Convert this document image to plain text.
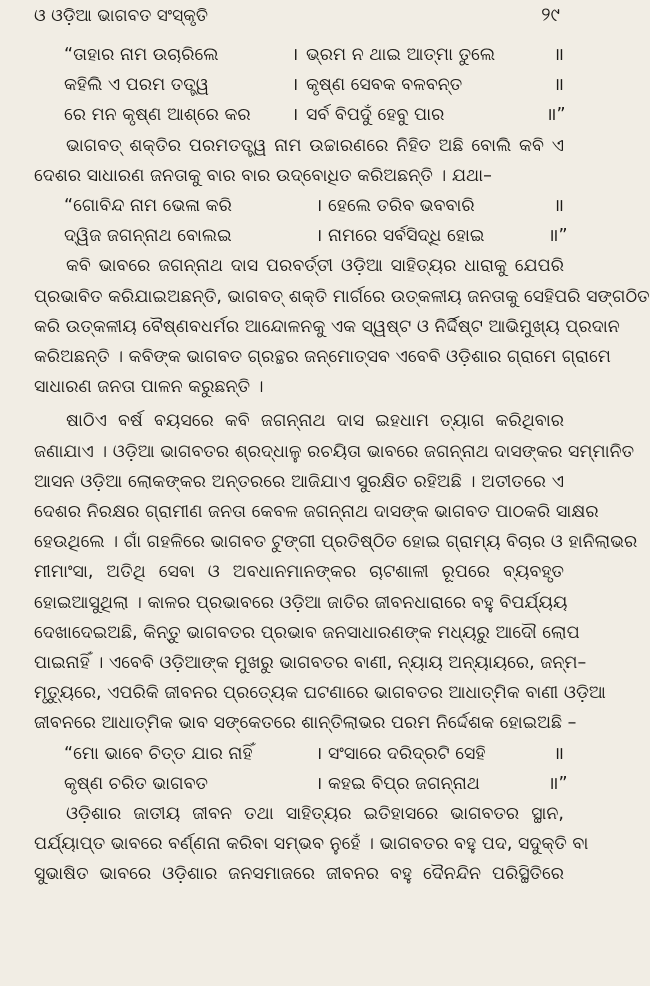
ଓ ଓଡ଼ିଆ ଭାଗବତ ସଂସ୍କୃତି	୨୯
“ତାହାର ନାମ ଉଚାରିଲେ	। ଭ୍ରମ ନ ଥାଇ ଆତ୍ମା ତୁଲେ	॥
କହିଲି ଏ ପରମ ତତ୍ତ୍ୱ	। କୃଷ୍ଣ ସେବକ ବଳବନ୍ତ	॥
ରେ ମନ କୃଷ୍ଣ ଆଶ୍ରେ କର	। ସର୍ବ ବିପଦୁଁ ହେବୁ ପାର	॥”
ଭାଗବତ୍ ଶକ୍ତିର ପରମତତ୍ତ୍ୱ ନାମ ଉଚ୍ଚାରଣରେ ନିହିତ ଅଛି ବୋଲି କବି ଏ
ଦେଶର ସାଧାରଣ ଜନତାକୁ ବାର ବାର ଉଦ୍‌ବୋଧିତ କରିଅଛନ୍ତି । ଯଥା–
“ଗୋବିନ୍ଦ ନାମ ଭେଳା କରି	। ହେଲେ ତରିବ ଭବବାରି	॥
ଦ୍ୱିଜ ଜଗନ୍ନାଥ ବୋଲଇ	। ନାମରେ ସର୍ବସିଦ୍ଧି ହୋଇ	॥”
କବି ଭାବରେ ଜଗନ୍ନାଥ ଦାସ ପରବର୍ତ୍ତୀ ଓଡ଼ିଆ ସାହିତ୍ୟର ଧାରାକୁ ଯେପରି
ପ୍ରଭାବିତ କରିଯାଇଅଛନ୍ତି, ଭାଗବତ୍ ଶକ୍ତି ମାର୍ଗରେ ଉତ୍କଳୀୟ ଜନତାକୁ ସେହିପରି ସଙ୍ଗଠିତ
କରି ଉତ୍କଳୀୟ ବୈଷ୍ଣବଧର୍ମର ଆନ୍ଦୋଳନକୁ ଏକ ସ୍ୱଷ୍ଟ ଓ ନିର୍ଦ୍ଦିଷ୍ଟ ଆଭିମୁଖ୍ୟ ପ୍ରଦାନ
କରିଅଛନ୍ତି । କବିଙ୍କ ଭାଗବତ ଗ୍ରନ୍ଥର ଜନ୍ମୋତ୍ସବ ଏବେବି ଓଡ଼ିଶାର ଗ୍ରାମେ ଗ୍ରାମେ
ସାଧାରଣ ଜନତା ପାଳନ କରୁଛନ୍ତି ।
ଷାଠିଏ ବର୍ଷ ବୟସରେ କବି ଜଗନ୍ନାଥ ଦାସ ଇହଧାମ ତ୍ୟାଗ କରିଥିବାର
ଜଣାଯାଏ । ଓଡ଼ିଆ ଭାଗବତର ଶ୍ରଦ୍ଧାଳୁ ରଚୟିତା ଭାବରେ ଜଗନ୍ନାଥ ଦାସଙ୍କର ସମ୍ମାନିତ
ଆସନ ଓଡ଼ିଆ ଲୋକଙ୍କର ଅନ୍ତରରେ ଆଜିଯାଏ ସୁରକ୍ଷିତ ରହିଅଛି । ଅତୀତରେ ଏ
ଦେଶର ନିରକ୍ଷର ଗ୍ରାମୀଣ ଜନତା କେବଳ ଜଗନ୍ନାଥ ଦାସଙ୍କ ଭାଗବତ ପାଠକରି ସାକ୍ଷର
ହେଉଥିଲେ । ଗାଁ ଗହଳିରେ ଭାଗବତ ଟୁଙ୍ଗୀ ପ୍ରତିଷ୍ଠିତ ହୋଇ ଗ୍ରାମ୍ୟ ବିଚାର ଓ ହାନିଲାଭର
ମୀମାଂସା, ଅତିଥି ସେବା ଓ ଅବଧାନମାନଙ୍କର ଚାଟଶାଳୀ ରୂପରେ ବ୍ୟବହୃତ
ହୋଇଆସୁଥିଲା । କାଳର ପ୍ରଭାବରେ ଓଡ଼ିଆ ଜାତିର ଜୀବନଧାରାରେ ବହୁ ବିପର୍ଯ୍ୟୟ
ଦେଖାଦେଇଅଛି, କିନ୍ତୁ ଭାଗବତର ପ୍ରଭାବ ଜନସାଧାରଣଙ୍କ ମଧ୍ୟରୁ ଆଦୌ ଲୋପ
ପାଇନାହିଁ । ଏବେବି ଓଡ଼ିଆଙ୍କ ମୁଖରୁ ଭାଗବତର ବାଣୀ, ନ୍ୟାୟ ଅନ୍ୟାୟରେ, ଜନ୍ମ–
ମୃତ୍ୟୁରେ, ଏପରିକି ଜୀବନର ପ୍ରତ୍ୟେକ ଘଟଣାରେ ଭାଗବତର ଆଧାତ୍ମିକ ବାଣୀ ଓଡ଼ିଆ
ଜୀବନରେ ଆଧାତ୍ମିକ ଭାବ ସଙ୍କେତରେ ଶାନ୍ତିଲାଭର ପରମ ନିର୍ଦ୍ଦେଶକ ହୋଇଅଛି –
“ମୋ ଭାବେ ଚିତ୍ତ ଯାର ନାହିଁ	। ସଂସାରେ ଦରିଦ୍ରଟି ସେହି	॥
କୃଷ୍ଣ ଚରିତ ଭାଗବତ	। କହଇ ବିପ୍ର ଜଗନ୍ନାଥ	॥”
ଓଡ଼ିଶାର ଜାତୀୟ ଜୀବନ ତଥା ସାହିତ୍ୟର ଇତିହାସରେ ଭାଗବତର ସ୍ଥାନ,
ପର୍ଯ୍ୟାପ୍ତ ଭାବରେ ବର୍ଣ୍ଣନା କରିବା ସମ୍ଭବ ନୁହେଁ । ଭାଗବତର ବହୁ ପଦ, ସଦୁକ୍ତି ବା
ସୁଭାଷିତ ଭାବରେ ଓଡ଼ିଶାର ଜନସମାଜରେ ଜୀବନର ବହୁ ଦୈନନ୍ଦିନ ପରିସ୍ଥିତିରେ
